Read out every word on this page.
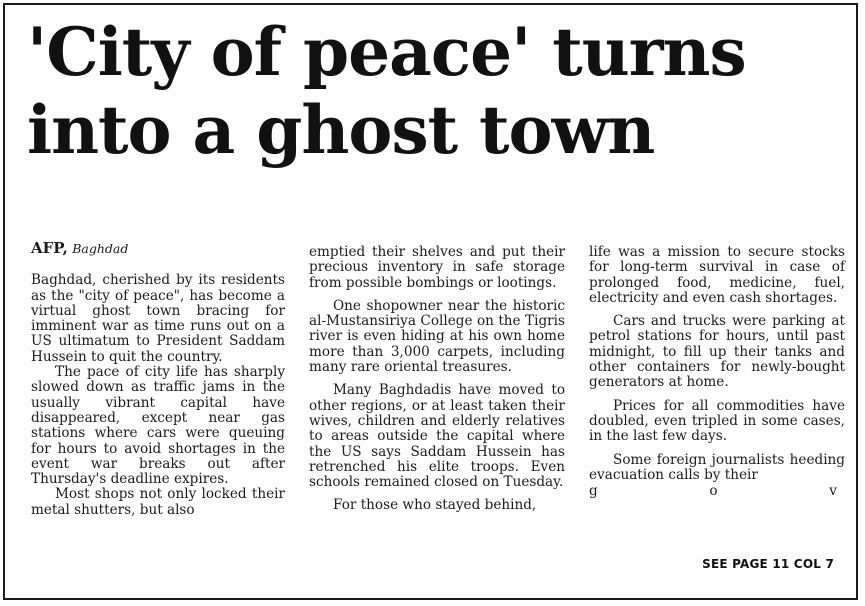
'City of peace' turns
into a ghost town
AFP, Baghdad

Baghdad, cherished by its residents as the "city of peace", has become a virtual ghost town bracing for imminent war as time runs out on a US ultimatum to President Saddam Hussein to quit the country.

The pace of city life has sharply slowed down as traffic jams in the usually vibrant capital have disappeared, except near gas stations where cars were queuing for hours to avoid shortages in the event war breaks out after Thursday's deadline expires.

Most shops not only locked their metal shutters, but also

emptied their shelves and put their precious inventory in safe storage from possible bombings or lootings.

One shopowner near the historic al-Mustansiriya College on the Tigris river is even hiding at his own home more than 3,000 carpets, including many rare oriental treasures.

Many Baghdadis have moved to other regions, or at least taken their wives, children and elderly relatives to areas outside the capital where the US says Saddam Hussein has retrenched his elite troops. Even schools remained closed on Tuesday.

For those who stayed behind,

life was a mission to secure stocks for long-term survival in case of prolonged food, medicine, fuel, electricity and even cash shortages.

Cars and trucks were parking at petrol stations for hours, until past midnight, to fill up their tanks and other containers for newly-bought generators at home.

Prices for all commodities have doubled, even tripled in some cases, in the last few days.

Some foreign journalists heeding evacuation calls by their

g	o	v
SEE PAGE 11 COL 7
